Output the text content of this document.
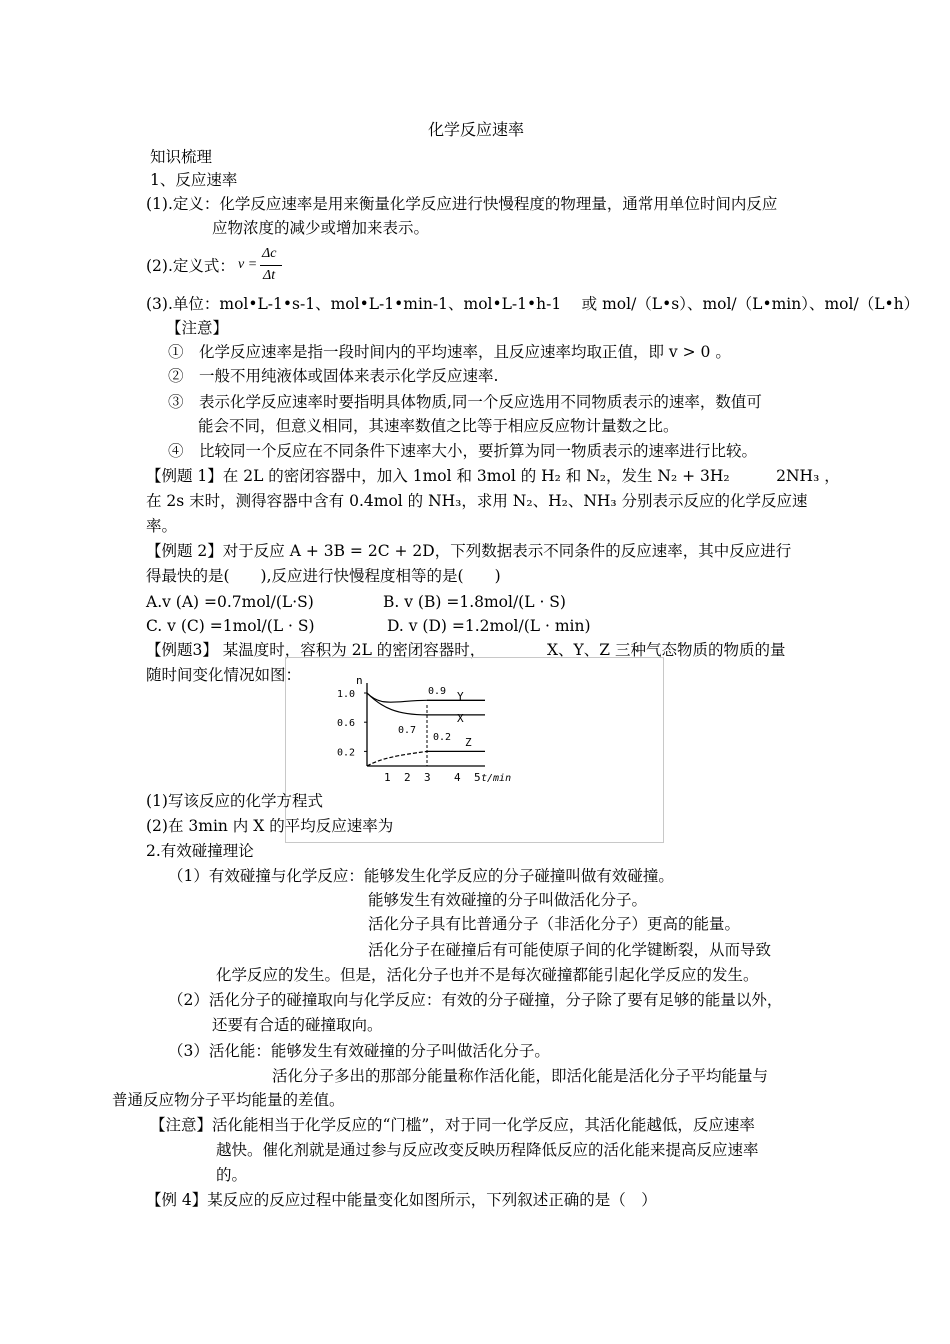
化学反应速率
知识梳理
1、反应速率
(1).定义：化学反应速率是用来衡量化学反应进行快慢程度的物理量，通常用单位时间内反应
应物浓度的减少或增加来表示。
(2).定义式： v =
Δc
Δt
(3).单位：mol•L-1•s-1、mol•L-1•min-1、mol•L-1•h-1　 或 mol/（L•s）、mol/（L•min）、mol/（L•h）
【注意】
①　化学反应速率是指一段时间内的平均速率，且反应速率均取正值，即 v > 0 。
②　一般不用纯液体或固体来表示化学反应速率.
③　表示化学反应速率时要指明具体物质,同一个反应选用不同物质表示的速率，数值可
能会不同，但意义相同，其速率数值之比等于相应反应物计量数之比。
④　比较同一个反应在不同条件下速率大小，要折算为同一物质表示的速率进行比较。
【例题 1】在 2L 的密闭容器中，加入 1mol 和 3mol 的 H₂ 和 N₂，发生 N₂ + 3H₂　　　2NH₃ ，
在 2s 末时，测得容器中含有 0.4mol 的 NH₃，求用 N₂、H₂、NH₃ 分别表示反应的化学反应速
率。
【例题 2】对于反应 A + 3B = 2C + 2D，下列数据表示不同条件的反应速率，其中反应进行
得最快的是(　　),反应进行快慢程度相等的是(　　)
A.v (A) =0.7mol/(L·S)	B. v (B) =1.8mol/(L · S)
C. v (C) =1mol/(L · S)	D. v (D) =1.2mol/(L · min)
【例题3】 某温度时，容积为 2L 的密闭容器时，	X、Y、Z 三种气态物质的物质的量
随时间变化情况如图：	n
t/min
1 2 3 4 5
1.0
0.6
0.2
Y
X
Z
0.9
0.7
0.2
(1)写该反应的化学方程式
(2)在 3min 内 X 的平均反应速率为
2.有效碰撞理论
（1）有效碰撞与化学反应：能够发生化学反应的分子碰撞叫做有效碰撞。
能够发生有效碰撞的分子叫做活化分子。
活化分子具有比普通分子（非活化分子）更高的能量。
活化分子在碰撞后有可能使原子间的化学键断裂，从而导致
化学反应的发生。但是，活化分子也并不是每次碰撞都能引起化学反应的发生。
（2）活化分子的碰撞取向与化学反应：有效的分子碰撞，分子除了要有足够的能量以外，
还要有合适的碰撞取向。
（3）活化能：能够发生有效碰撞的分子叫做活化分子。
活化分子多出的那部分能量称作活化能，即活化能是活化分子平均能量与
普通反应物分子平均能量的差值。
【注意】活化能相当于化学反应的“门槛”，对于同一化学反应，其活化能越低，反应速率
越快。催化剂就是通过参与反应改变反映历程降低反应的活化能来提高反应速率
的。
【例 4】某反应的反应过程中能量变化如图所示，下列叙述正确的是（　）
